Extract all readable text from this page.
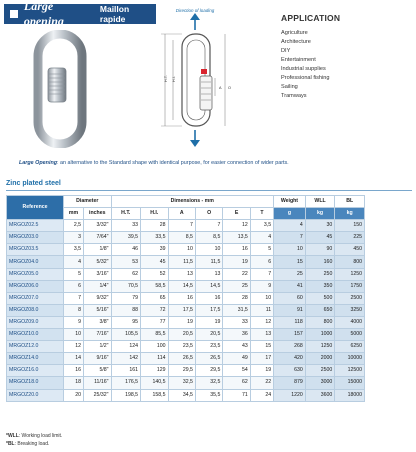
Large opening
Maillon rapide
Direction of loading
H.I.
H.T.
A O
APPLICATION
Agriculture
Architecture
DIY
Entertainment
Industrial supplies
Professional fishing
Sailing
Tramways
Large Opening: an alternative to the Standard shape with identical purpose, for easier connection of wider parts.
Zinc plated steel
Reference	Diameter		Dimensions - mm						Weight	WLL	BL
	mm	inches	H.T.	H.I.	A	O	E	T	g	kg	kg
MRGOZ02.5	2,5	3/32"	33	28	7	7	12	3,5	4	30	150
MRGOZ03.0	3	7/64"	39,5	33,5	8,5	8,5	13,5	4	7	45	225
MRGOZ03.5	3,5	1/8"	46	39	10	10	16	5	10	90	450
MRGOZ04.0	4	5/32"	53	45	11,5	11,5	19	6	15	160	800
MRGOZ05.0	5	3/16"	62	52	13	13	22	7	25	250	1250
MRGOZ06.0	6	1/4"	70,5	58,5	14,5	14,5	25	9	41	350	1750
MRGOZ07.0	7	9/32"	79	65	16	16	28	10	60	500	2500
MRGOZ08.0	8	5/16"	88	72	17,5	17,5	31,5	11	91	650	3250
MRGOZ09.0	9	3/8"	95	77	19	19	33	12	118	800	4000
MRGOZ10.0	10	7/16"	105,5	85,5	20,5	20,5	36	13	157	1000	5000
MRGOZ12.0	12	1/2"	124	100	23,5	23,5	43	15	268	1250	6250
MRGOZ14.0	14	9/16"	142	114	26,5	26,5	49	17	420	2000	10000
MRGOZ16.0	16	5/8"	161	129	29,5	29,5	54	19	630	2500	12500
MRGOZ18.0	18	11/16"	176,5	140,5	32,5	32,5	62	22	879	3000	15000
MRGOZ20.0	20	25/32"	198,5	158,5	34,5	35,5	71	24	1220	3600	18000
*WLL: Working load limit.
*BL: Breaking load.
